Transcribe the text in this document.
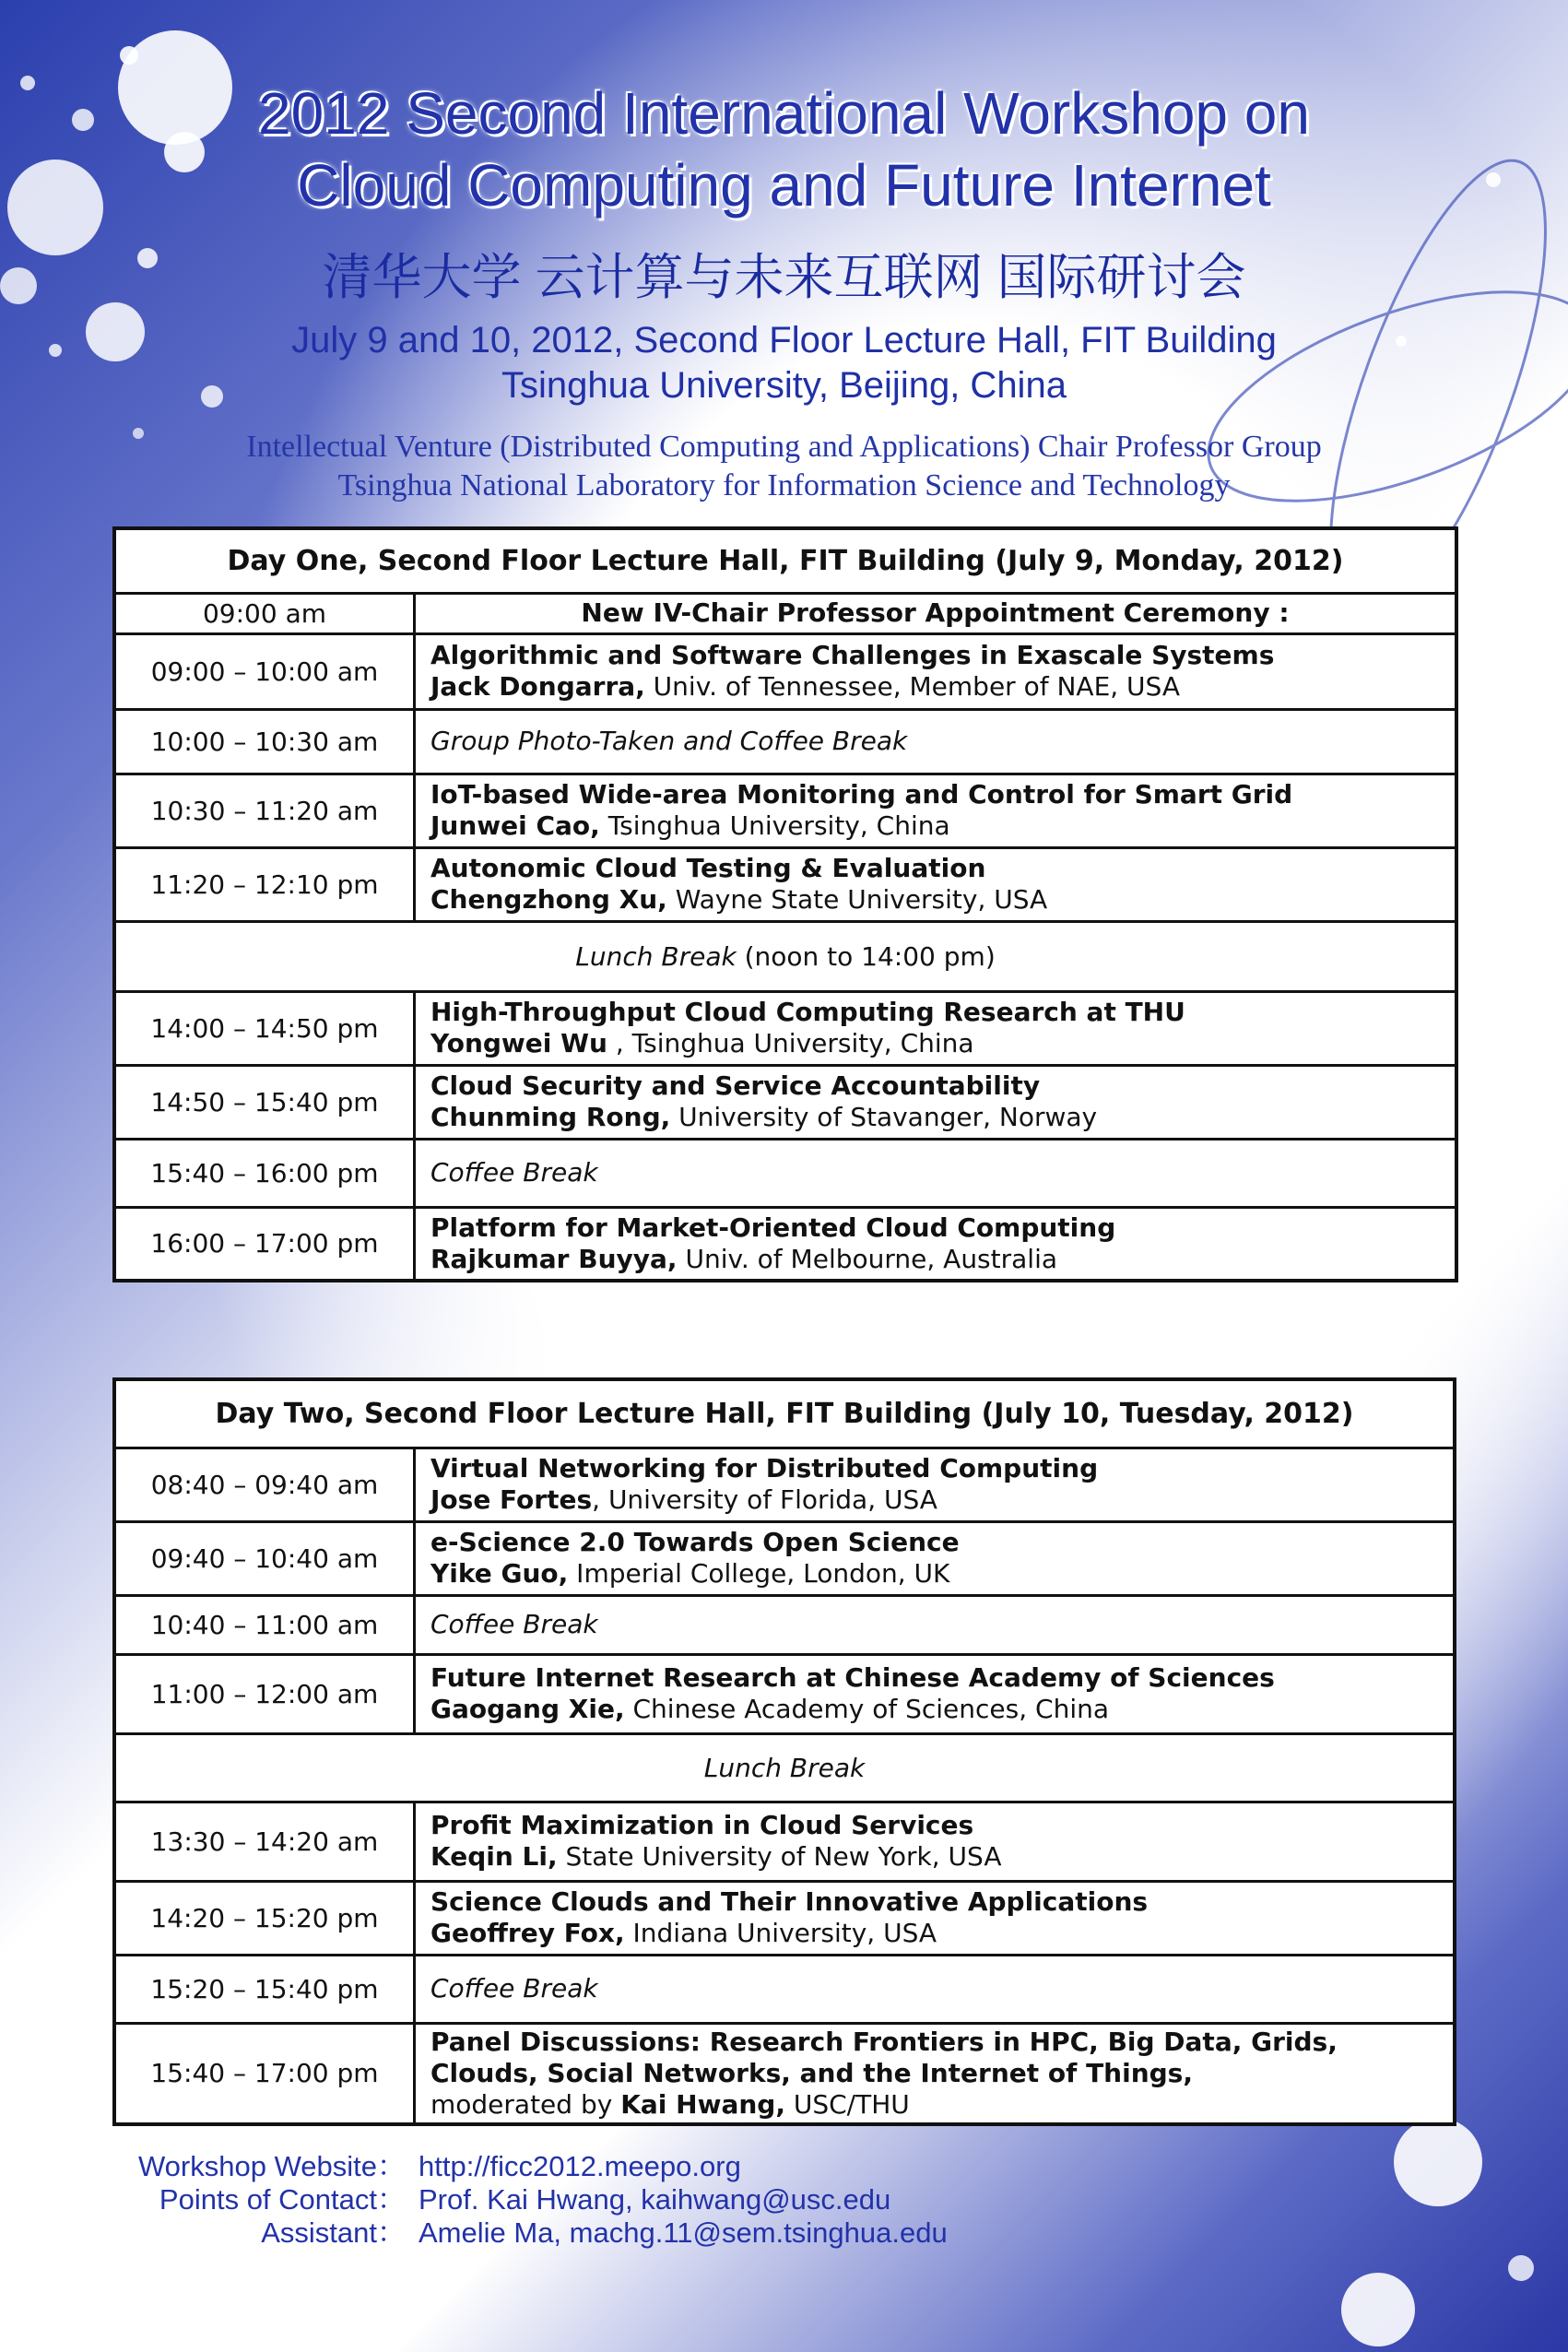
2012 Second International Workshop on
Cloud Computing and Future Internet
清华大学 云计算与未来互联网 国际研讨会
July 9 and 10, 2012, Second Floor Lecture Hall, FIT Building
Tsinghua University, Beijing, China
Intellectual Venture (Distributed Computing and Applications) Chair Professor Group
Tsinghua National Laboratory for Information Science and Technology
Day One, Second Floor Lecture Hall, FIT Building (July 9, Monday, 2012)	
09:00 am	New IV-Chair Professor Appointment Ceremony :

09:00 – 10:00 am	Algorithmic and Software Challenges in Exascale Systems
Jack Dongarra, Univ. of Tennessee, Member of NAE, USA

10:00 – 10:30 am	Group Photo-Taken and Coffee Break

10:30 – 11:20 am	IoT-based Wide-area Monitoring and Control for Smart Grid
Junwei Cao, Tsinghua University, China

11:20 – 12:10 pm	Autonomic Cloud Testing & Evaluation
Chengzhong Xu, Wayne State University, USA

Lunch Break (noon to 14:00 pm)	
14:00 – 14:50 pm	High-Throughput Cloud Computing Research at THU
Yongwei Wu , Tsinghua University, China

14:50 – 15:40 pm	Cloud Security and Service Accountability
Chunming Rong, University of Stavanger, Norway

15:40 – 16:00 pm	Coffee Break

16:00 – 17:00 pm	Platform for Market-Oriented Cloud Computing
Rajkumar Buyya, Univ. of Melbourne, Australia
Day Two, Second Floor Lecture Hall, FIT Building (July 10, Tuesday, 2012)	
08:40 – 09:40 am	Virtual Networking for Distributed Computing
Jose Fortes, University of Florida, USA

09:40 – 10:40 am	e-Science 2.0 Towards Open Science
Yike Guo, Imperial College, London, UK

10:40 – 11:00 am	Coffee Break

11:00 – 12:00 am	Future Internet Research at Chinese Academy of Sciences
Gaogang Xie, Chinese Academy of Sciences, China

Lunch Break	
13:30 – 14:20 am	Profit Maximization in Cloud Services
Keqin Li, State University of New York, USA

14:20 – 15:20 pm	Science Clouds and Their Innovative Applications
Geoffrey Fox, Indiana University, USA

15:20 – 15:40 pm	Coffee Break

15:40 – 17:00 pm	Panel Discussions: Research Frontiers in HPC, Big Data, Grids,
Clouds, Social Networks, and the Internet of Things,
moderated by Kai Hwang, USC/THU
Workshop Website： http://ficc2012.meepo.org
Points of Contact： Prof. Kai Hwang, kaihwang@usc.edu
Assistant： Amelie Ma, machg.11@sem.tsinghua.edu
